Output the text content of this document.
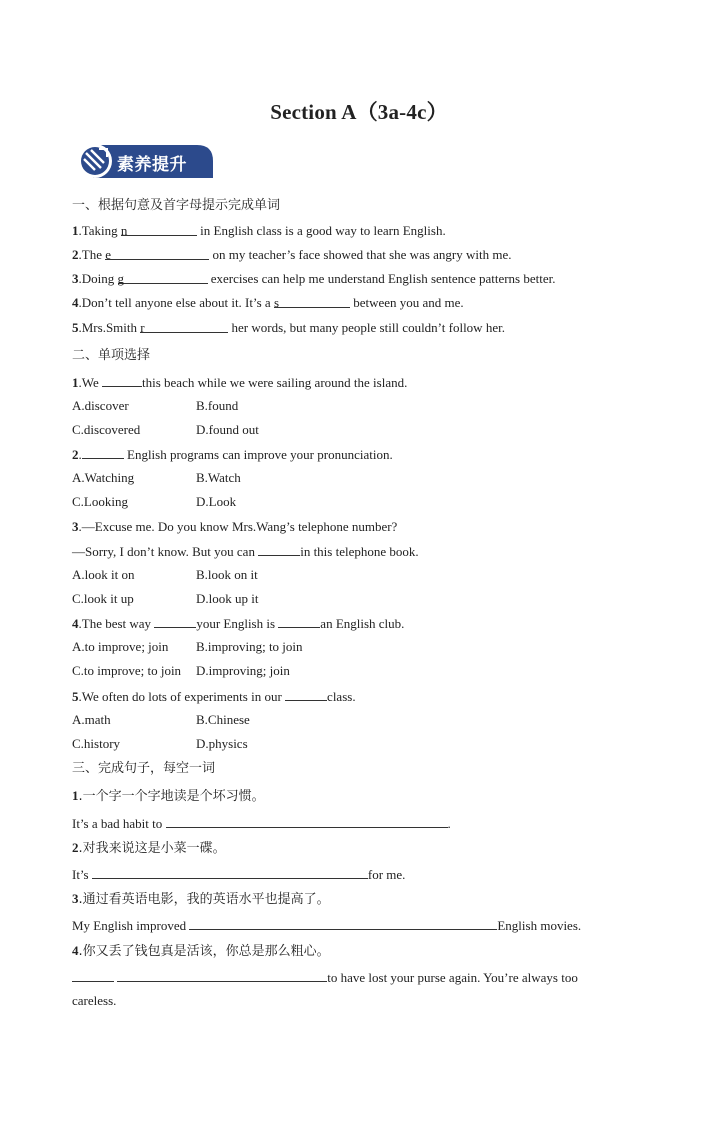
Section A（3a-4c）
素养提升
一、根据句意及首字母提示完成单词
1.Taking n	in English class is a good way to learn English.
2.The e	on my teacher’s face showed that she was angry with me.
3.Doing g	exercises can help me understand English sentence patterns better.
4.Don’t tell anyone else about it. It’s a s	between you and me.
5.Mrs.Smith r	her words, but many people still couldn’t follow her.
二、单项选择
1.We	this beach while we were sailing around the island.
A.discover	B.found
C.discovered	D.found out
2.	English programs can improve your pronunciation.
A.Watching	B.Watch
C.Looking	D.Look
3.—Excuse me. Do you know Mrs.Wang’s telephone number?
—Sorry, I don’t know. But you can	in this telephone book.
A.look it on	B.look on it
C.look it up	D.look up it
4.The best way	your English is	an English club.
A.to improve; join B.improving; to join
C.to improve; to join D.improving; join
5.We often do lots of experiments in our	class.
A.math	B.Chinese
C.history	D.physics
三、完成句子，每空一词
1.一个字一个字地读是个坏习惯。
It’s a bad habit to	.
2.对我来说这是小菜一碟。
It’s	for me.
3.通过看英语电影，我的英语水平也提高了。
My English improved	English movies.
4.你又丢了钱包真是活该，你总是那么粗心。
to have lost your purse again. You’re always too
careless.
